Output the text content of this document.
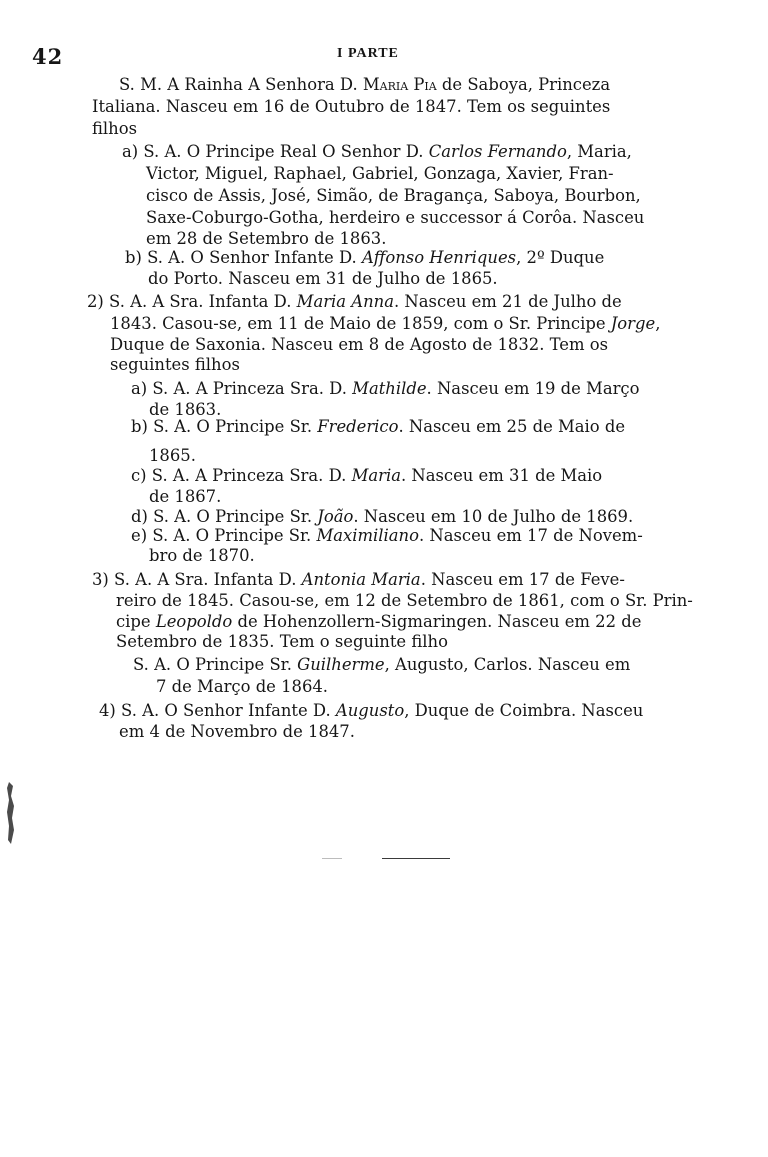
42	I PARTE
S. M. A Rainha A Senhora D. Maria Pia de Saboya, Princeza
Italiana. Nasceu em 16 de Outubro de 1847. Tem os seguintes
filhos
a) S. A. O Principe Real O Senhor D. Carlos Fernando, Maria,
Victor, Miguel, Raphael, Gabriel, Gonzaga, Xavier, Fran-
cisco de Assis, José, Simão, de Bragança, Saboya, Bourbon,
Saxe-Coburgo-Gotha, herdeiro e successor á Corôa. Nasceu
em 28 de Setembro de 1863.
b) S. A. O Senhor Infante D. Affonso Henriques, 2º Duque
do Porto. Nasceu em 31 de Julho de 1865.
2) S. A. A Sra. Infanta D. Maria Anna. Nasceu em 21 de Julho de
1843. Casou-se, em 11 de Maio de 1859, com o Sr. Principe Jorge,
Duque de Saxonia. Nasceu em 8 de Agosto de 1832. Tem os
seguintes filhos
a) S. A. A Princeza Sra. D. Mathilde. Nasceu em 19 de Março
de 1863.
b) S. A. O Principe Sr. Frederico. Nasceu em 25 de Maio de
1865.
c) S. A. A Princeza Sra. D. Maria. Nasceu em 31 de Maio
de 1867.
d) S. A. O Principe Sr. João. Nasceu em 10 de Julho de 1869.
e) S. A. O Principe Sr. Maximiliano. Nasceu em 17 de Novem-
bro de 1870.
3) S. A. A Sra. Infanta D. Antonia Maria. Nasceu em 17 de Feve-
reiro de 1845. Casou-se, em 12 de Setembro de 1861, com o Sr. Prin-
cipe Leopoldo de Hohenzollern-Sigmaringen. Nasceu em 22 de
Setembro de 1835. Tem o seguinte filho
S. A. O Principe Sr. Guilherme, Augusto, Carlos. Nasceu em
7 de Março de 1864.
4) S. A. O Senhor Infante D. Augusto, Duque de Coimbra. Nasceu
em 4 de Novembro de 1847.
